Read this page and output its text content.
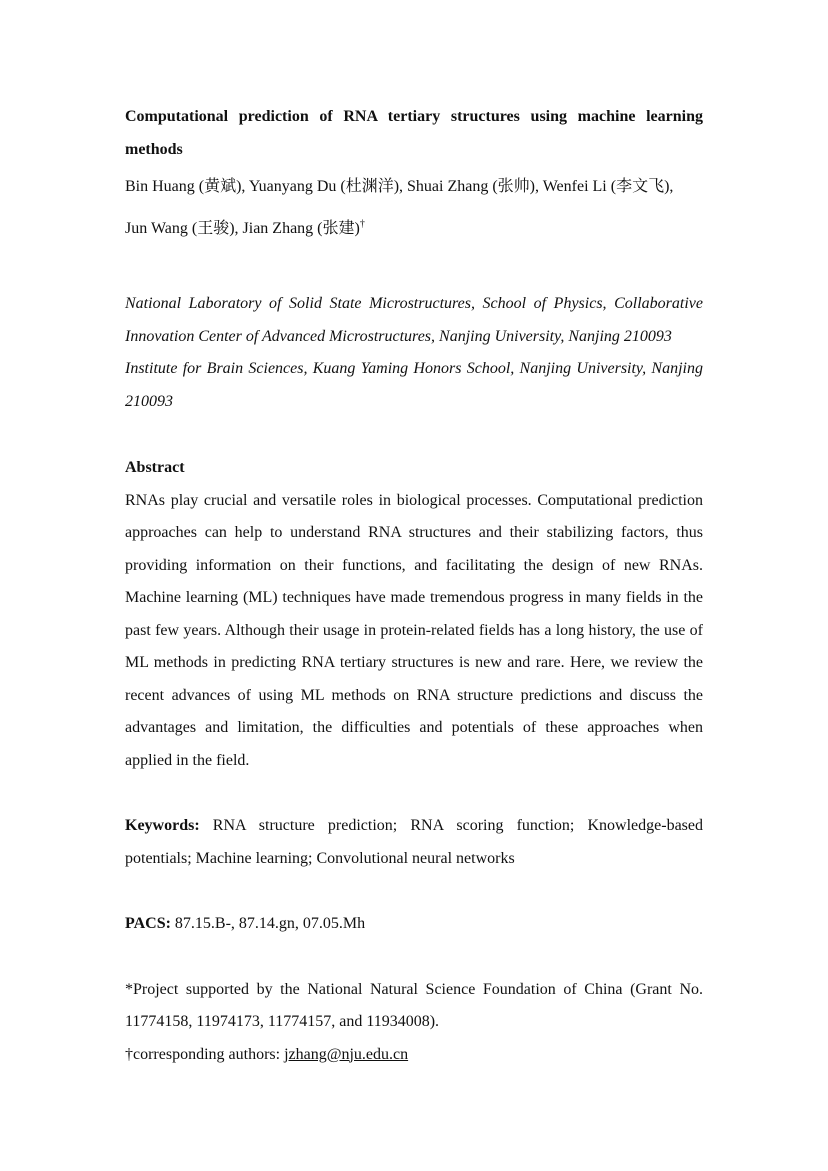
Computational prediction of RNA tertiary structures using machine learning methods
Bin Huang (黄斌), Yuanyang Du (杜渊洋), Shuai Zhang (张帅), Wenfei Li (李文飞),
Jun Wang (王骏), Jian Zhang (张建)†

National Laboratory of Solid State Microstructures, School of Physics, Collaborative Innovation Center of Advanced Microstructures, Nanjing University, Nanjing 210093

Institute for Brain Sciences, Kuang Yaming Honors School, Nanjing University, Nanjing 210093

Abstract

RNAs play crucial and versatile roles in biological processes. Computational prediction approaches can help to understand RNA structures and their stabilizing factors, thus providing information on their functions, and facilitating the design of new RNAs. Machine learning (ML) techniques have made tremendous progress in many fields in the past few years. Although their usage in protein-related fields has a long history, the use of ML methods in predicting RNA tertiary structures is new and rare. Here, we review the recent advances of using ML methods on RNA structure predictions and discuss the advantages and limitation, the difficulties and potentials of these approaches when applied in the field.

Keywords: RNA structure prediction; RNA scoring function; Knowledge-based potentials; Machine learning; Convolutional neural networks
PACS: 87.15.B-, 87.14.gn, 07.05.Mh
*Project supported by the National Natural Science Foundation of China (Grant No. 11774158, 11974173, 11774157, and 11934008).
†corresponding authors: jzhang@nju.edu.cn
